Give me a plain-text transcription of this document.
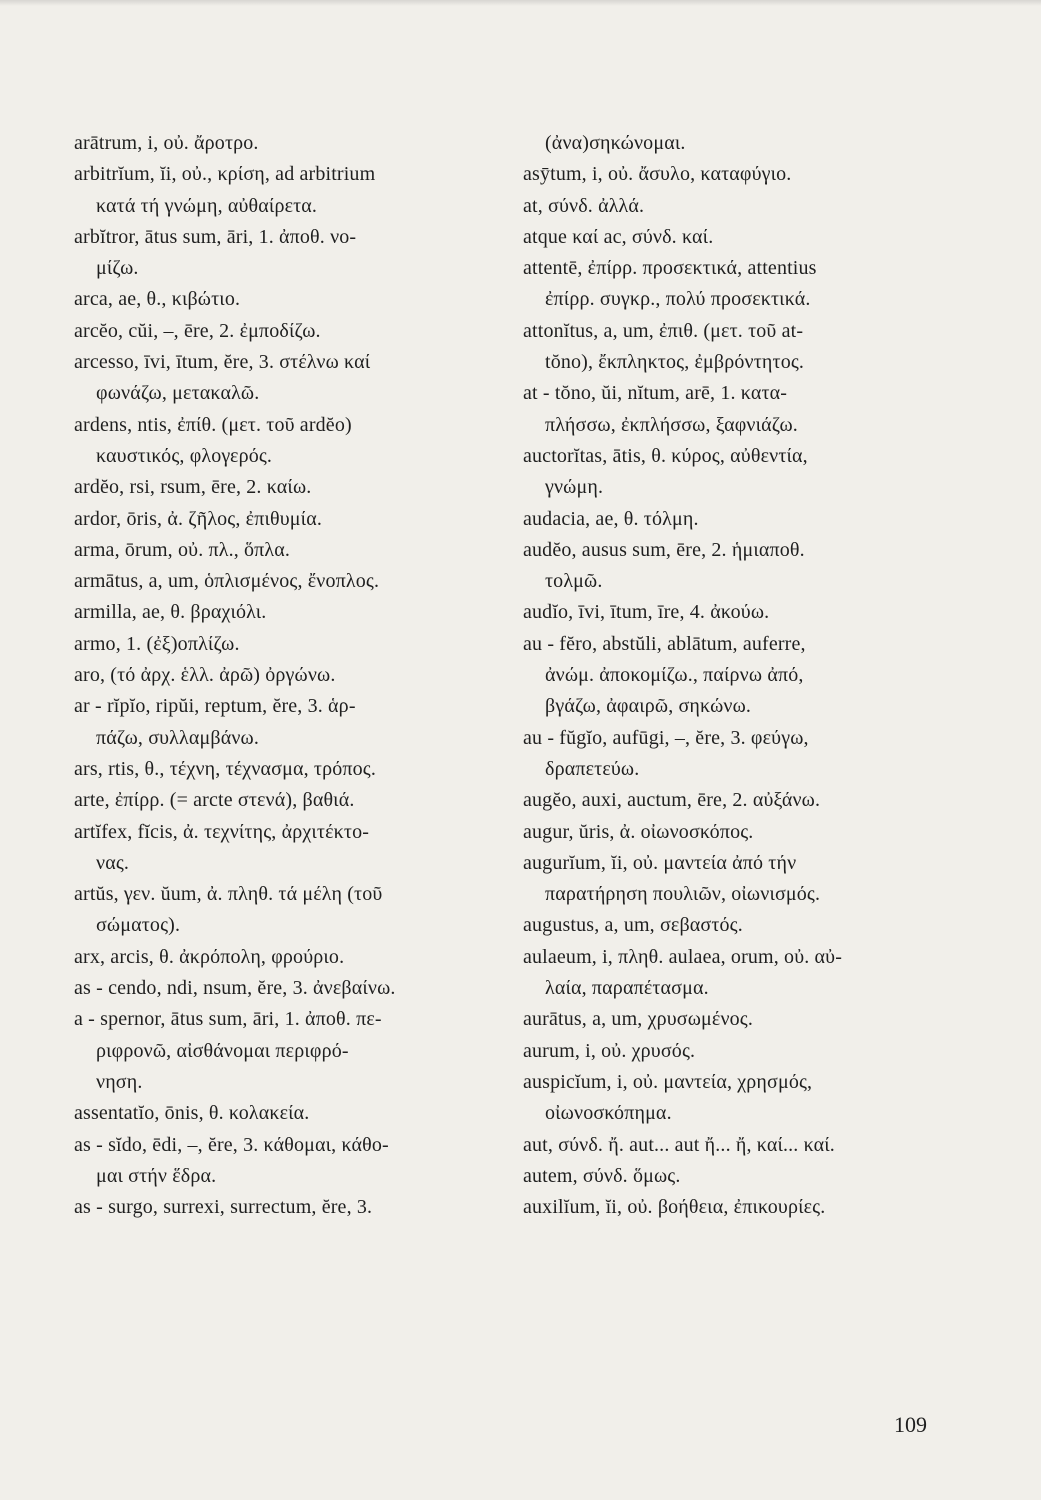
arātrum, i, οὐ. ἄροτρο.
arbitrĭum, ĭi, οὐ., κρίση, ad arbitrium
κατά τή γνώμη, αὐθαίρετα.
arbĭtror, ātus sum, āri, 1. ἀποθ. νο-
μίζω.
arca, ae, θ., κιβώτιο.
arcĕo, cŭi, –, ēre, 2. ἐμποδίζω.
arcesso, īvi, ītum, ĕre, 3. στέλνω καί
φωνάζω, μετακαλῶ.
ardens, ntis, ἐπίθ. (μετ. τοῦ ardĕo)
καυστικός, φλογερός.
ardĕo, rsi, rsum, ēre, 2. καίω.
ardor, ōris, ἀ. ζῆλος, ἐπιθυμία.
arma, ōrum, οὐ. πλ., ὅπλα.
armātus, a, um, ὁπλισμένος, ἔνοπλος.
armilla, ae, θ. βραχιόλι.
armo, 1. (ἐξ)οπλίζω.
aro, (τό ἀρχ. ἑλλ. ἀρῶ) ὀργώνω.
ar - rĭpĭo, ripŭi, reptum, ĕre, 3. ἁρ-
πάζω, συλλαμβάνω.
ars, rtis, θ., τέχνη, τέχνασμα, τρόπος.
arte, ἐπίρρ. (= arcte στενά), βαθιά.
artĭfex, fĭcis, ἀ. τεχνίτης, ἀρχιτέκτο-
νας.
artŭs, γεν. ŭum, ἀ. πληθ. τά μέλη (τοῦ
σώματος).
arx, arcis, θ. ἀκρόπολη, φρούριο.
as - cendo, ndi, nsum, ĕre, 3. ἀνεβαίνω.
a - spernor, ātus sum, āri, 1. ἀποθ. πε-
ριφρονῶ, αἰσθάνομαι περιφρό-
νηση.
assentatĭo, ōnis, θ. κολακεία.
as - sĭdo, ēdi, –, ĕre, 3. κάθομαι, κάθο-
μαι στήν ἕδρα.
as - surgo, surrexi, surrectum, ĕre, 3.
(ἀνα)σηκώνομαι.
asȳtum, i, οὐ. ἄσυλο, καταφύγιο.
at, σύνδ. ἀλλά.
atque καί ac, σύνδ. καί.
attentē, ἐπίρρ. προσεκτικά, attentius
ἐπίρρ. συγκρ., πολύ προσεκτικά.
attonĭtus, a, um, ἐπιθ. (μετ. τοῦ at-
tŏno), ἔκπληκτος, ἐμβρόντητος.
at - tŏno, ŭi, nĭtum, arē, 1. κατα-
πλήσσω, ἐκπλήσσω, ξαφνιάζω.
auctorĭtas, ātis, θ. κύρος, αὐθεντία,
γνώμη.
audacia, ae, θ. τόλμη.
audĕo, ausus sum, ēre, 2. ἡμιαποθ.
τολμῶ.
audĭo, īvi, ītum, īre, 4. ἀκούω.
au - fĕro, abstŭli, ablātum, auferre,
ἀνώμ. ἀποκομίζω., παίρνω ἀπό,
βγάζω, ἀφαιρῶ, σηκώνω.
au - fŭgĭo, aufūgi, –, ĕre, 3. φεύγω,
δραπετεύω.
augĕo, auxi, auctum, ēre, 2. αὐξάνω.
augur, ŭris, ἀ. οἰωνοσκόπος.
augurĭum, ĭi, οὐ. μαντεία ἀπό τήν
παρατήρηση πουλιῶν, οἰωνισμός.
augustus, a, um, σεβαστός.
aulaeum, i, πληθ. aulaea, orum, οὐ. αὐ-
λαία, παραπέτασμα.
aurātus, a, um, χρυσωμένος.
aurum, i, οὐ. χρυσός.
auspicĭum, i, οὐ. μαντεία, χρησμός,
οἰωνοσκόπημα.
aut, σύνδ. ἤ. aut... aut ἤ... ἤ, καί... καί.
autem, σύνδ. ὅμως.
auxilĭum, ĭi, οὐ. βοήθεια, ἐπικουρίες.
109
